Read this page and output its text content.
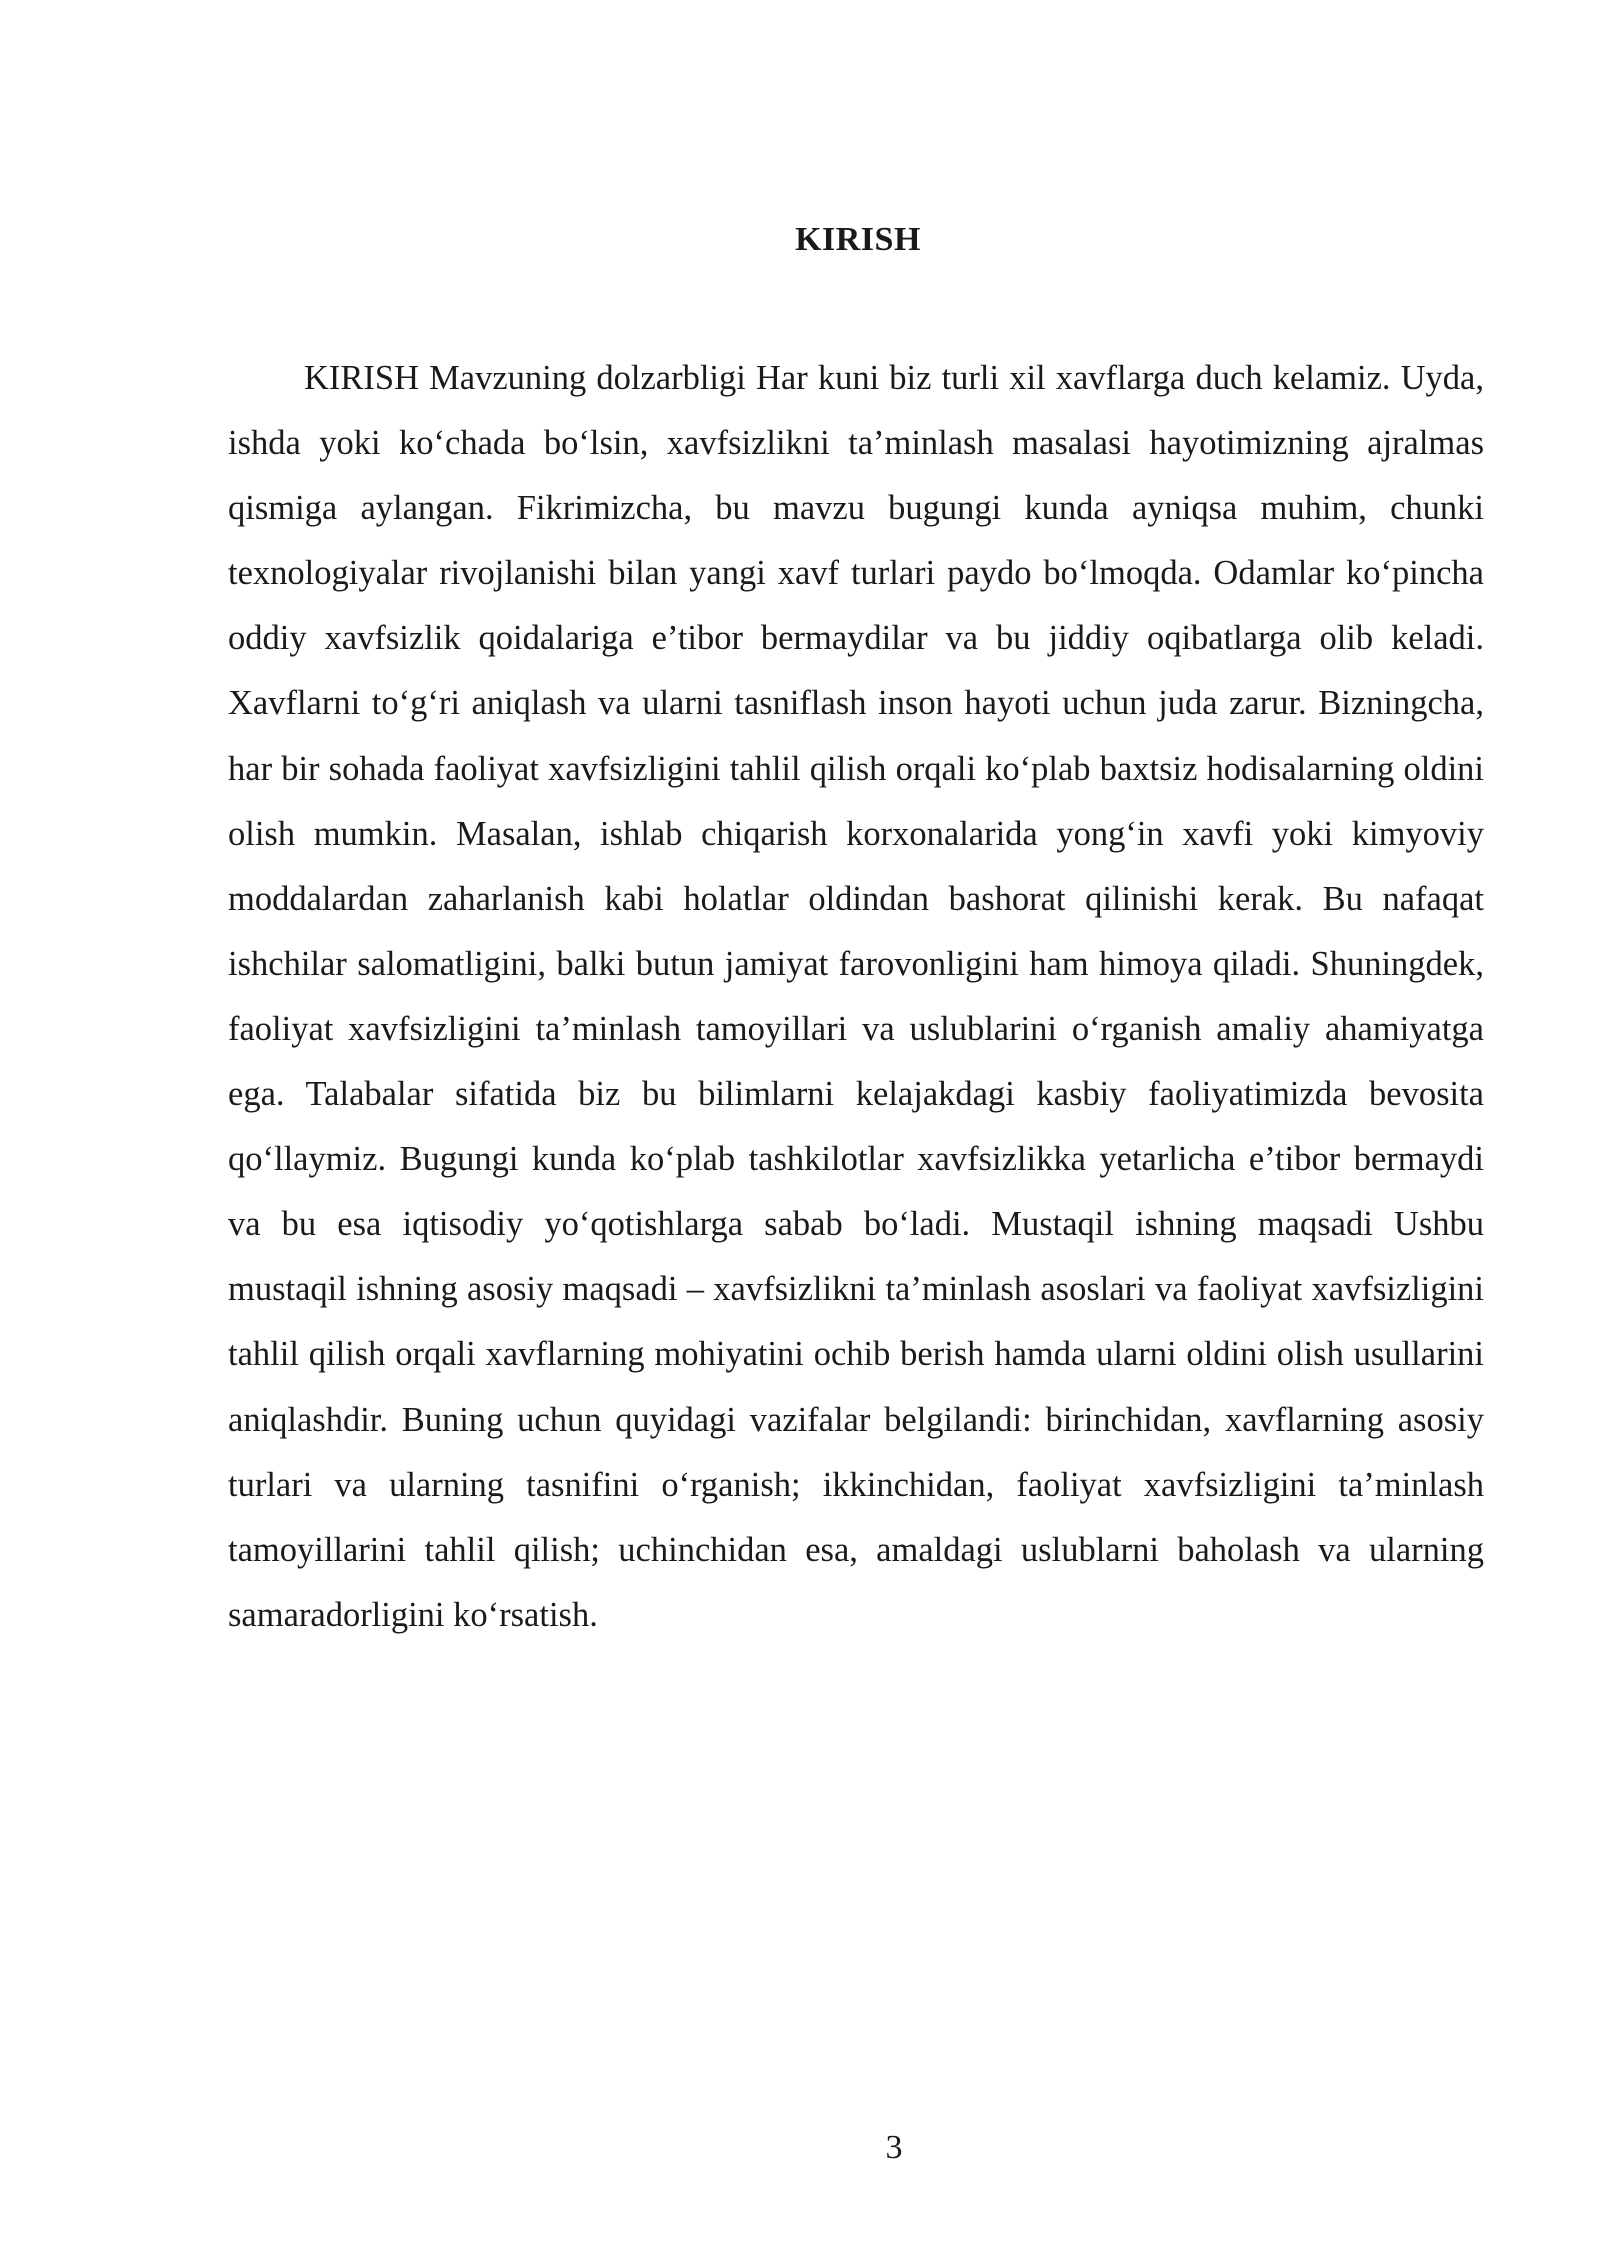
KIRISH

KIRISH Mavzuning dolzarbligi Har kuni biz turli xil xavflarga duch kelamiz. Uyda, ishda yoki ko‘chada bo‘lsin, xavfsizlikni ta’minlash masalasi hayotimizning ajralmas qismiga aylangan. Fikrimizcha, bu mavzu bugungi kunda ayniqsa muhim, chunki texnologiyalar rivojlanishi bilan yangi xavf turlari paydo bo‘lmoqda. Odamlar ko‘pincha oddiy xavfsizlik qoidalariga e’tibor bermaydilar va bu jiddiy oqibatlarga olib keladi. Xavflarni to‘g‘ri aniqlash va ularni tasniflash inson hayoti uchun juda zarur. Bizningcha, har bir sohada faoliyat xavfsizligini tahlil qilish orqali ko‘plab baxtsiz hodisalarning oldini olish mumkin. Masalan, ishlab chiqarish korxonalarida yong‘in xavfi yoki kimyoviy moddalardan zaharlanish kabi holatlar oldindan bashorat qilinishi kerak. Bu nafaqat ishchilar salomatligini, balki butun jamiyat farovonligini ham himoya qiladi. Shuningdek, faoliyat xavfsizligini ta’minlash tamoyillari va uslublarini o‘rganish amaliy ahamiyatga ega. Talabalar sifatida biz bu bilimlarni kelajakdagi kasbiy faoliyatimizda bevosita qo‘llaymiz. Bugungi kunda ko‘plab tashkilotlar xavfsizlikka yetarlicha e’tibor bermaydi va bu esa iqtisodiy yo‘qotishlarga sabab bo‘ladi. Mustaqil ishning maqsadi Ushbu mustaqil ishning asosiy maqsadi – xavfsizlikni ta’minlash asoslari va faoliyat xavfsizligini tahlil qilish orqali xavflarning mohiyatini ochib berish hamda ularni oldini olish usullarini aniqlashdir. Buning uchun quyidagi vazifalar belgilandi: birinchidan, xavflarning asosiy turlari va ularning tasnifini o‘rganish; ikkinchidan, faoliyat xavfsizligini ta’minlash tamoyillarini tahlil qilish; uchinchidan esa, amaldagi uslublarni baholash va ularning samaradorligini ko‘rsatish.

3
